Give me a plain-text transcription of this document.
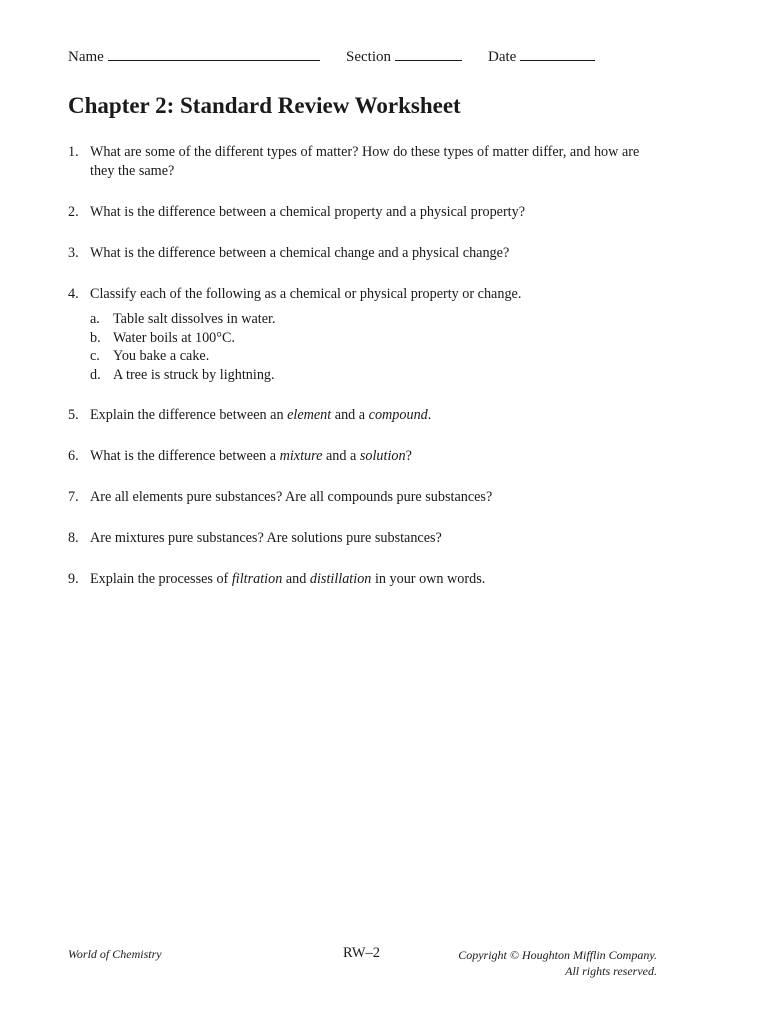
Name	Section	Date
Chapter 2: Standard Review Worksheet
1. What are some of the different types of matter? How do these types of matter differ, and how are they the same?
2. What is the difference between a chemical property and a physical property?
3. What is the difference between a chemical change and a physical change?
4. Classify each of the following as a chemical or physical property or change.
a. Table salt dissolves in water.
b. Water boils at 100°C.
c. You bake a cake.
d. A tree is struck by lightning.
5. Explain the difference between an element and a compound.
6. What is the difference between a mixture and a solution?
7. Are all elements pure substances? Are all compounds pure substances?
8. Are mixtures pure substances? Are solutions pure substances?
9. Explain the processes of filtration and distillation in your own words.
World of Chemistry	RW–2	Copyright © Houghton Mifflin Company.
All rights reserved.
